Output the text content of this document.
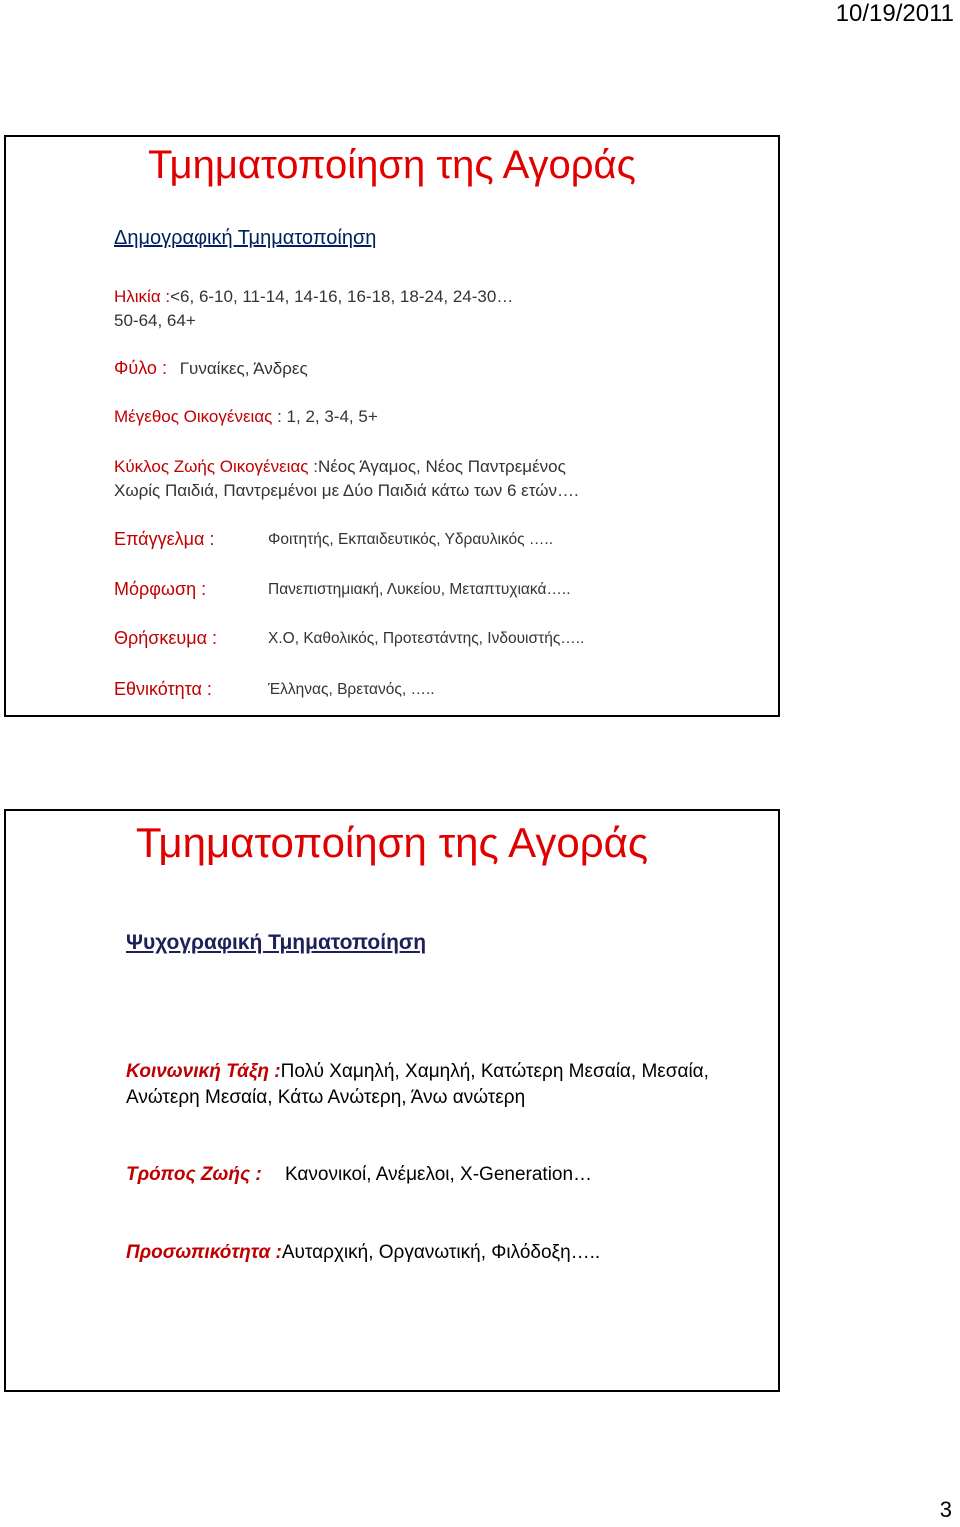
10/19/2011
Τμηματοποίηση της Αγοράς
Δημογραφική Τμηματοποίηση
Ηλικία :<6, 6-10, 11-14, 14-16, 16-18, 18-24, 24-30…
50-64, 64+
Φύλο : Γυναίκες, Άνδρες
Μέγεθος Οικογένειας : 1, 2, 3-4, 5+
Κύκλος Ζωής Οικογένειας :Νέος Άγαμος, Νέος Παντρεμένος
Χωρίς Παιδιά, Παντρεμένοι με Δύο Παιδιά κάτω των 6 ετών….
Επάγγελμα :	Φοιτητής, Εκπαιδευτικός, Υδραυλικός …..
Μόρφωση :	Πανεπιστημιακή, Λυκείου, Μεταπτυχιακά…..
Θρήσκευμα :	Χ.Ο, Καθολικός, Προτεστάντης, Ινδουιστής…..
Εθνικότητα :	Έλληνας, Βρετανός, …..
Τμηματοποίηση της Αγοράς
Ψυχογραφική Τμηματοποίηση
Κοινωνική Τάξη :Πολύ Χαμηλή, Χαμηλή, Κατώτερη Μεσαία, Μεσαία,
Ανώτερη Μεσαία, Κάτω Ανώτερη, Άνω ανώτερη
Τρόπος Ζωής : Κανονικοί, Ανέμελοι, X-Generation…
Προσωπικότητα :Αυταρχική, Οργανωτική, Φιλόδοξη…..
3
